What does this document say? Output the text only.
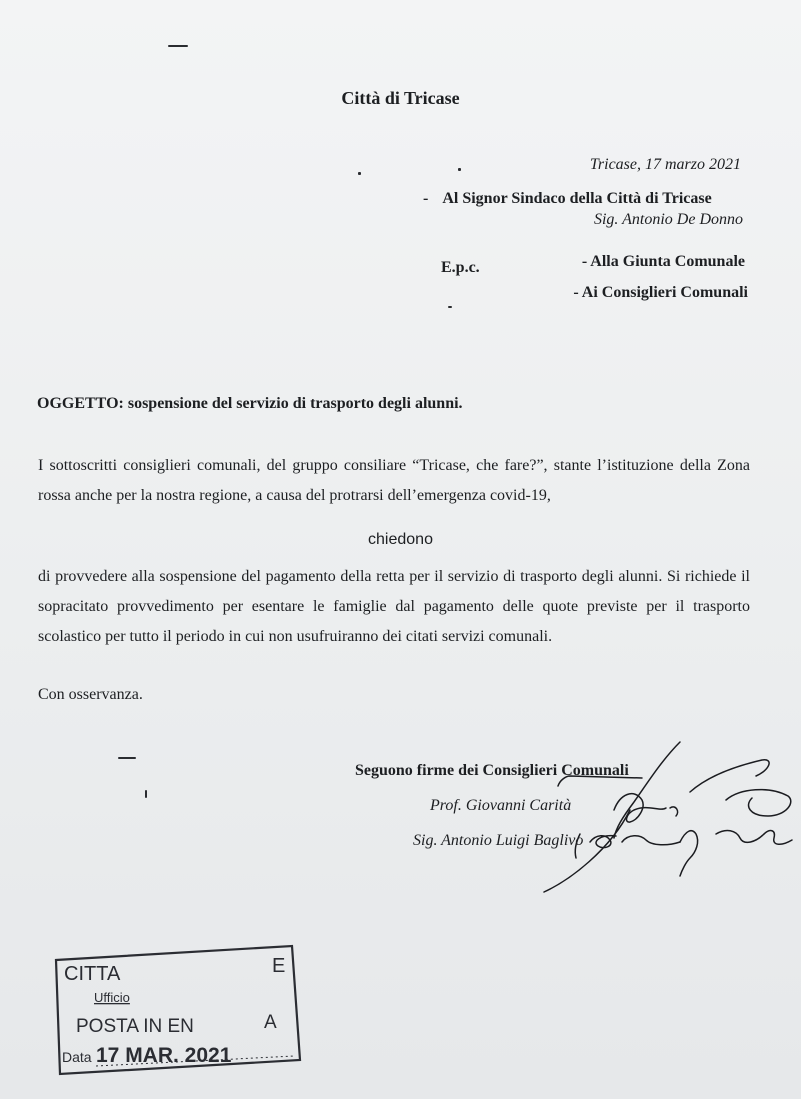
Città di Tricase
Tricase, 17 marzo 2021
- Al Signor Sindaco della Città di Tricase
Sig. Antonio De Donno
E.p.c.	- Alla Giunta Comunale
- Ai Consiglieri Comunali
OGGETTO: sospensione del servizio di trasporto degli alunni.
I sottoscritti consiglieri comunali, del gruppo consiliare “Tricase, che fare?”, stante l’istituzione della Zona rossa anche per la nostra regione, a causa del protrarsi dell’emergenza covid-19,
chiedono
di provvedere alla sospensione del pagamento della retta per il servizio di trasporto degli alunni. Si richiede il sopracitato provvedimento per esentare le famiglie dal pagamento delle quote previste per il trasporto scolastico per tutto il periodo in cui non usufruiranno dei citati servizi comunali.
Con osservanza.
Seguono firme dei Consiglieri Comunali
Prof. Giovanni Carità
Sig. Antonio Luigi Baglivo
CITTA	E
Ufficio
POSTA IN EN	A
Data 17 MAR. 2021
